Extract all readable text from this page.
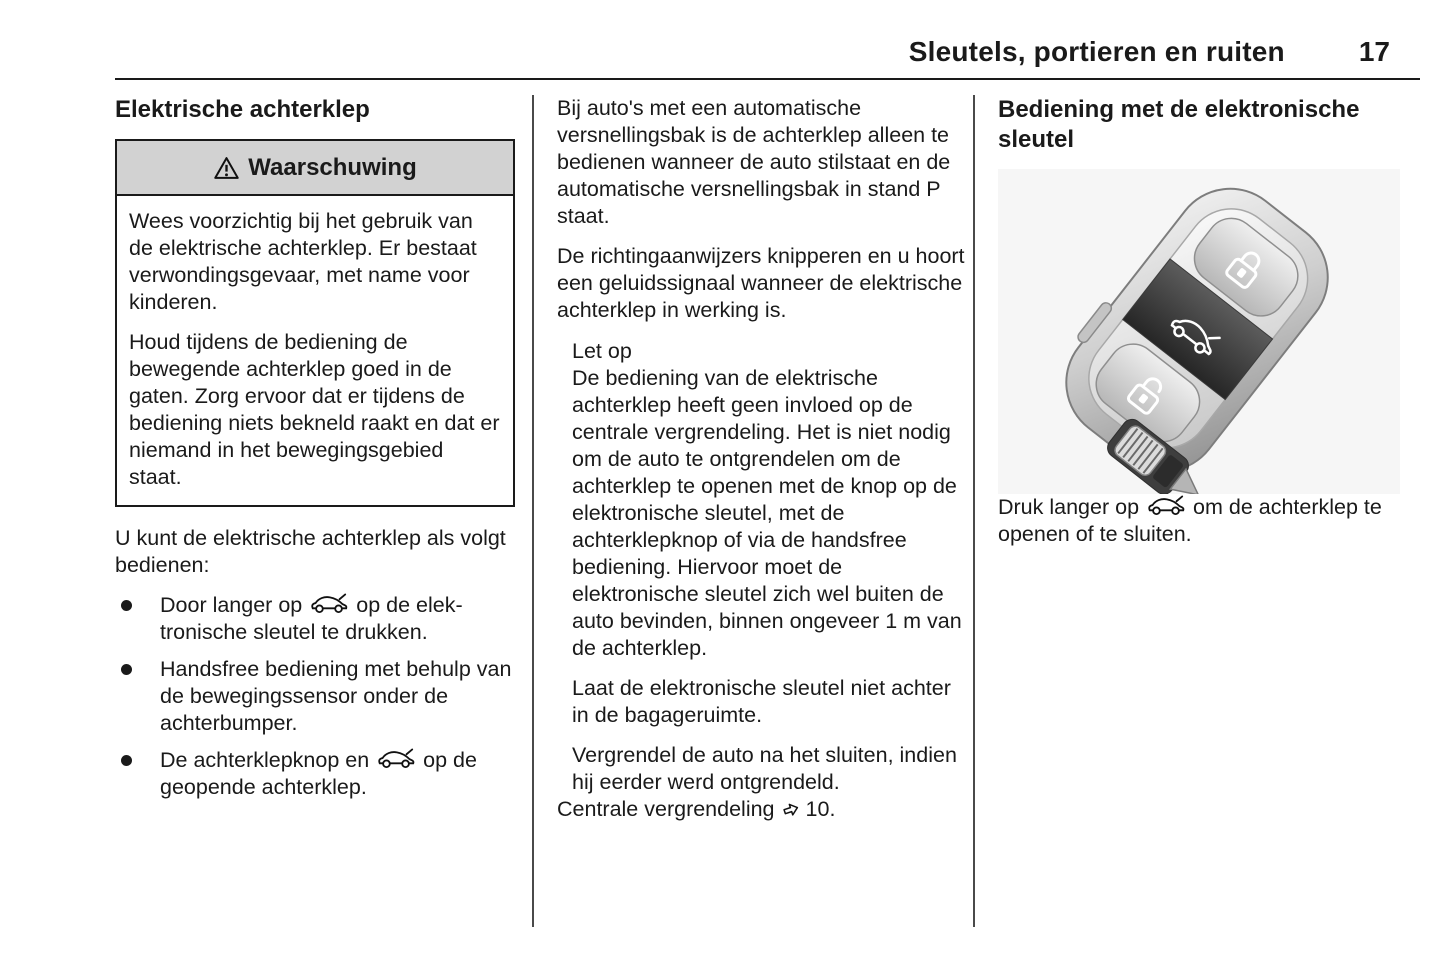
Sleutels, portieren en ruiten	17
Elektrische achterklep
Waarschuwing

Wees voorzichtig bij het gebruik van de elektrische achterklep. Er bestaat verwondingsgevaar, met name voor kinderen.

Houd tijdens de bediening de bewegende achterklep goed in de gaten. Zorg ervoor dat er tijdens de bediening niets bekneld raakt en dat er niemand in het bewegingsgebied staat.

U kunt de elektrische achterklep als volgt bedienen:

Door langer op	op de elektronische sleutel te drukken.
Handsfree bediening met behulp van de bewegingssensor onder de achterbumper.
De achterklepknop en	op de geopende achterklep.

Bij auto's met een automatische versnellingsbak is de achterklep alleen te bedienen wanneer de auto stilstaat en de automatische versnellingsbak in stand P staat.

De richtingaanwijzers knipperen en u hoort een geluidssignaal wanneer de elektrische achterklep in werking is.

Let op

De bediening van de elektrische achterklep heeft geen invloed op de centrale vergrendeling. Het is niet nodig om de auto te ontgrendelen om de achterklep te openen met de knop op de elektronische sleutel, met de achterklepknop of via de handsfree bediening. Hiervoor moet de elektronische sleutel zich wel buiten de auto bevinden, binnen ongeveer 1 m van de achterklep.

Laat de elektronische sleutel niet achter in de bagageruimte.

Vergrendel de auto na het sluiten, indien hij eerder werd ontgrendeld.

Centrale vergrendeling 10.

Bediening met de elektronische sleutel

Druk langer op	om de achterklep te openen of te sluiten.
